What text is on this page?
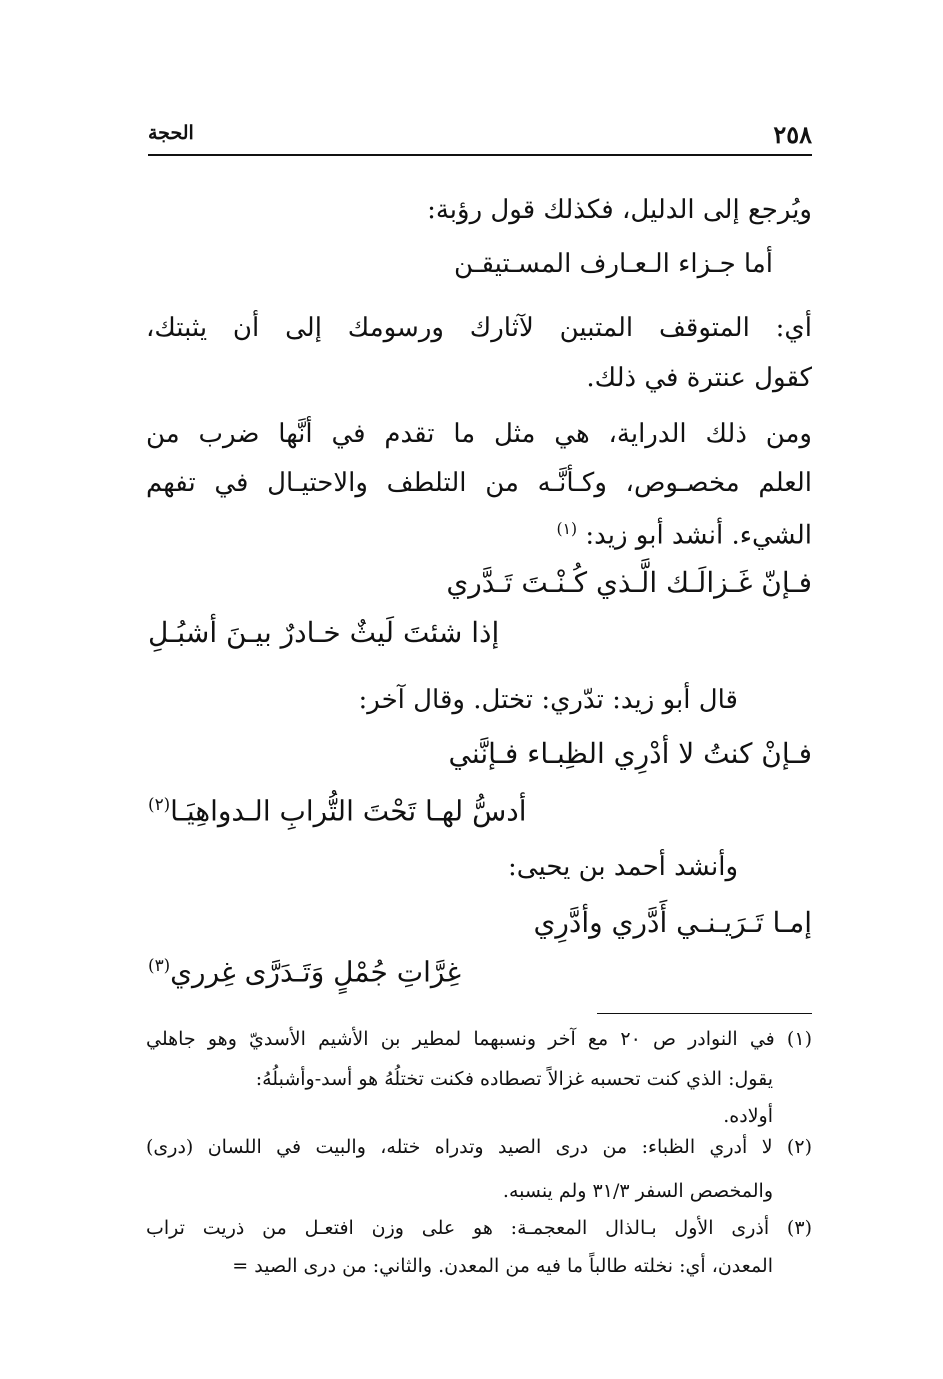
٢٥٨
الحجة
ويُرجع إلى الدليل، فكذلك قول رؤبة:
أما جـزاء الـعـارف المسـتيقـن
أي: المتوقف المتبين لآثارك ورسومك إلى أن يثبتك،
كقول عنترة في ذلك.
ومن ذلك الدراية، هي مثل ما تقدم في أنَّها ضرب من
العلم مخصـوص، وكـأنَّـه من التلطف والاحتيـال في تفهم
الشيء. أنشد أبو زيد: $^{(١)}$
فـإنّ غَـزالَـك الَّـذي كُـنْـتَ تَـدَّري
إذا شئتَ لَيثٌ خـادرٌ بيـنَ أشبُـلِ
قال أبو زيد: تدّري: تختل. وقال آخر:
فـإنْ كنتُ لا أدْرِي الظِبـاء فـإنَّني
أدسُّ لهـا تَحْتَ التُّرابِ الـدواهِيَـا$^{(٢)}$
وأنشد أحمد بن يحيى:
إمـا تَـرَيـنـي أَدَّري وأدَّرِي
غِرَّاتِ جُمْلٍ وَتَـدَرَّى غِرري$^{(٣)}$
(١) في النوادر ص ٢٠ مع آخر ونسبهما لمطير بن الأشيم الأسديّ وهو جاهلي
يقول: الذي كنت تحسبه غزالاً تصطاده فكنت تختلُهُ هو أسد-وأشبلُهُ:
أولاده.
(٢) لا أدري الظباء: من درى الصيد وتدراه ختله، والبيت في اللسان (درى)
والمخصص السفر ٣١/٣ ولم ينسبه.
(٣) أذرى الأول بـالذال المعجمـة: هو على وزن افتعـل من ذريت تراب
المعدن، أي: نخلته طالباً ما فيه من المعدن. والثاني: من درى الصيد =
